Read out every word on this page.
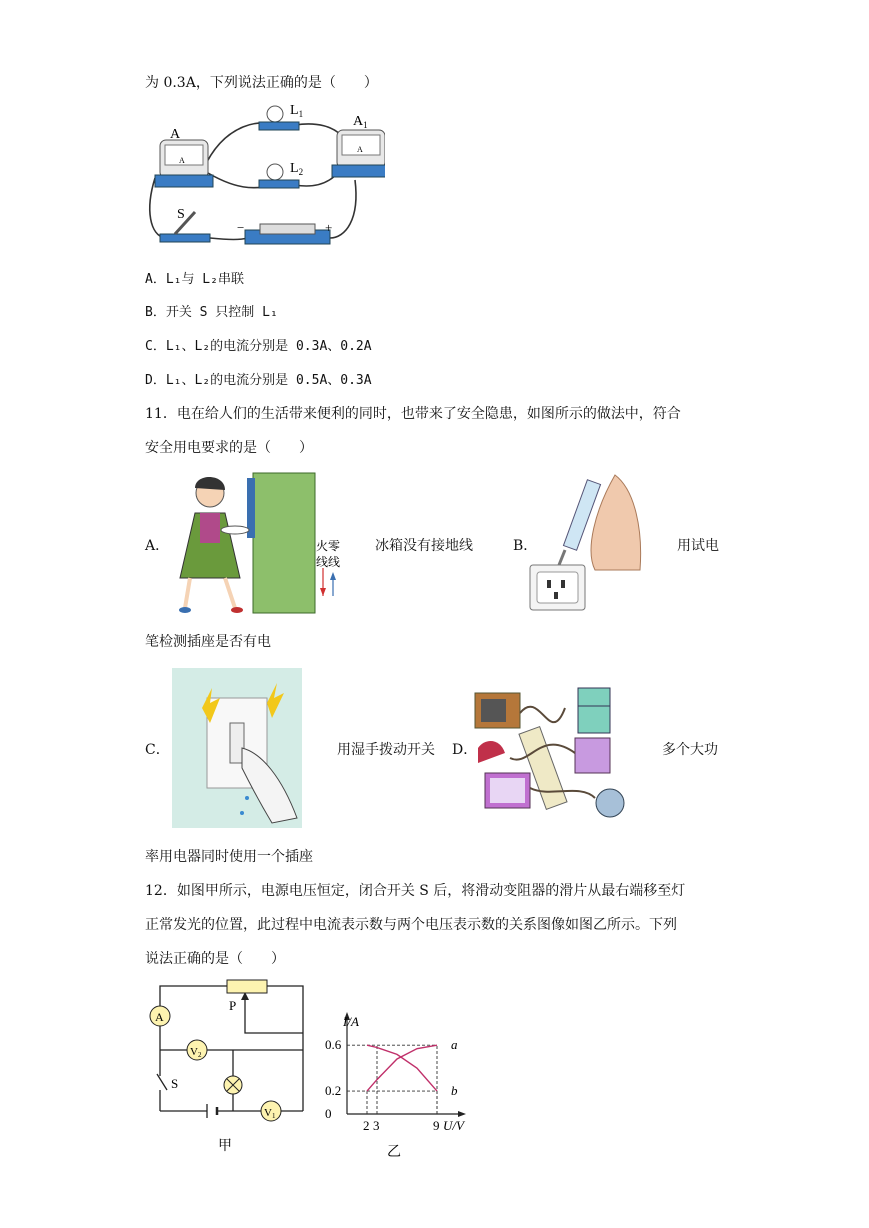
为 0.3A，下列说法正确的是（　　）
A
A
$L_1$	$A_1$
A
$L_2$
S
−	+
A．L₁与 L₂串联
B．开关 S 只控制 L₁
C．L₁、L₂的电流分别是 0.3A、0.2A
D．L₁、L₂的电流分别是 0.5A、0.3A
11．电在给人们的生活带来便利的同时，也带来了安全隐患，如图所示的做法中，符合
安全用电要求的是（　　）
A．	火零
线线
冰箱没有接地线	B．	用试电
笔检测插座是否有电
C．	用湿手拨动开关 D．	多个大功
率用电器同时使用一个插座
12．如图甲所示，电源电压恒定，闭合开关 S 后，将滑动变阻器的滑片从最右端移至灯
正常发光的位置，此过程中电流表示数与两个电压表示数的关系图像如图乙所示。下列
说法正确的是（　　）
P
A
V2
S
V1
甲
a
b
2 3	9
0
0.2
0.6
I/A
U/V
乙
